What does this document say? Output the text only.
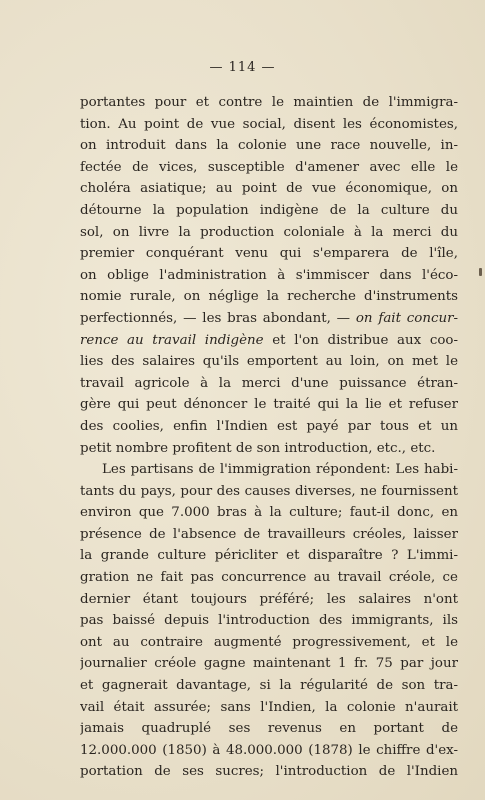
— 114 —
portantes pour et contre le maintien de l'immigra-
tion. Au point de vue social, disent les économistes,
on introduit dans la colonie une race nouvelle, in-
fectée de vices, susceptible d'amener avec elle le
choléra asiatique; au point de vue économique, on
détourne la population indigène de la culture du
sol, on livre la production coloniale à la merci du
premier conquérant venu qui s'emparera de l'île,
on oblige l'administration à s'immiscer dans l'éco-
nomie rurale, on néglige la recherche d'instruments
perfectionnés, — les bras abondant, — on fait concur-
rence au travail indigène et l'on distribue aux coo-
lies des salaires qu'ils emportent au loin, on met le
travail agricole à la merci d'une puissance étran-
gère qui peut dénoncer le traité qui la lie et refuser
des coolies, enfin l'Indien est payé par tous et un
petit nombre profitent de son introduction, etc., etc.
Les partisans de l'immigration répondent: Les habi-
tants du pays, pour des causes diverses, ne fournissent
environ que 7.000 bras à la culture; faut-il donc, en
présence de l'absence de travailleurs créoles, laisser
la grande culture péricliter et disparaître ? L'immi-
gration ne fait pas concurrence au travail créole, ce
dernier étant toujours préféré; les salaires n'ont
pas baissé depuis l'introduction des immigrants, ils
ont au contraire augmenté progressivement, et le
journalier créole gagne maintenant 1 fr. 75 par jour
et gagnerait davantage, si la régularité de son tra-
vail était assurée; sans l'Indien, la colonie n'aurait
jamais quadruplé ses revenus en portant de
12.000.000 (1850) à 48.000.000 (1878) le chiffre d'ex-
portation de ses sucres; l'introduction de l'Indien
